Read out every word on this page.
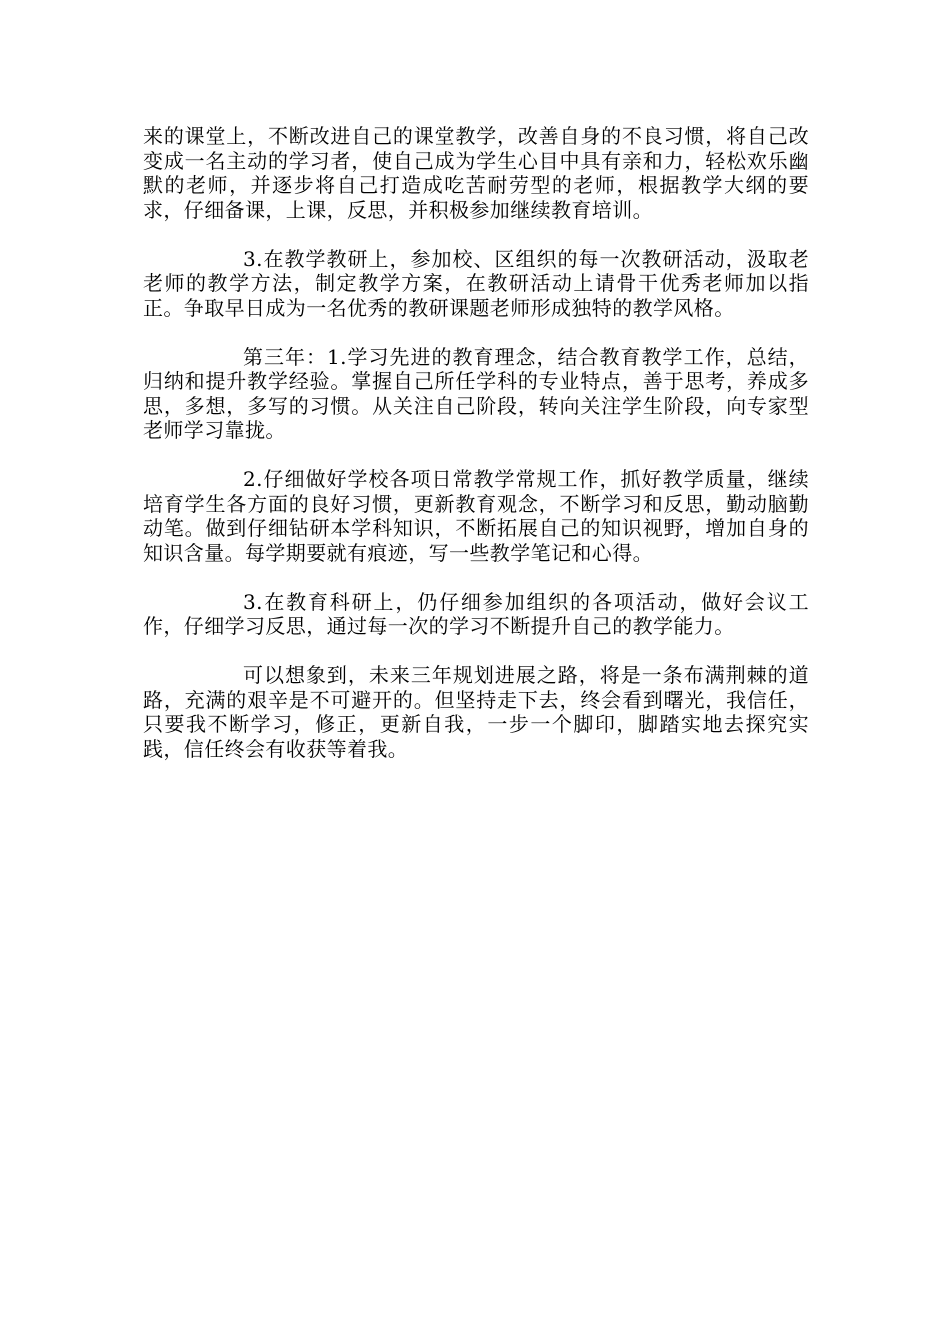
来的课堂上，不断改进自己的课堂教学，改善自身的不良习惯，将自己改变成一名主动的学习者，使自己成为学生心目中具有亲和力，轻松欢乐幽默的老师，并逐步将自己打造成吃苦耐劳型的老师，根据教学大纲的要求，仔细备课，上课，反思，并积极参加继续教育培训。

3.在教学教研上，参加校、区组织的每一次教研活动，汲取老老师的教学方法，制定教学方案，在教研活动上请骨干优秀老师加以指正。争取早日成为一名优秀的教研课题老师形成独特的教学风格。

第三年：1.学习先进的教育理念，结合教育教学工作，总结，归纳和提升教学经验。掌握自己所任学科的专业特点，善于思考，养成多思，多想，多写的习惯。从关注自己阶段，转向关注学生阶段，向专家型老师学习靠拢。

2.仔细做好学校各项日常教学常规工作，抓好教学质量，继续培育学生各方面的良好习惯，更新教育观念，不断学习和反思，勤动脑勤动笔。做到仔细钻研本学科知识，不断拓展自己的知识视野，增加自身的知识含量。每学期要就有痕迹，写一些教学笔记和心得。

3.在教育科研上，仍仔细参加组织的各项活动，做好会议工作，仔细学习反思，通过每一次的学习不断提升自己的教学能力。

可以想象到，未来三年规划进展之路，将是一条布满荆棘的道路，充满的艰辛是不可避开的。但坚持走下去，终会看到曙光，我信任，只要我不断学习，修正，更新自我，一步一个脚印，脚踏实地去探究实践，信任终会有收获等着我。
